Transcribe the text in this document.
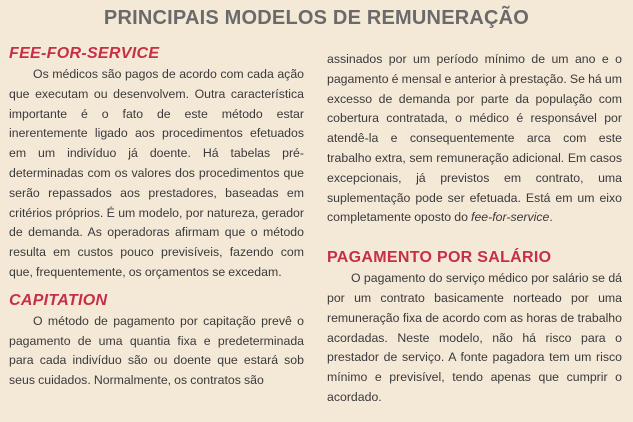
PRINCIPAIS MODELOS DE REMUNERAÇÃO
FEE-FOR-SERVICE

Os médicos são pagos de acordo com cada ação que executam ou desenvolvem. Outra característica importante é o fato de este método estar inerentemente ligado aos procedimentos efetuados em um indivíduo já doente. Há tabelas pré-determinadas com os valores dos procedimentos que serão repassados aos prestadores, baseadas em critérios próprios. É um modelo, por natureza, gerador de demanda. As operadoras afirmam que o método resulta em custos pouco previsíveis, fazendo com que, frequentemente, os orçamentos se excedam.

CAPITATION

O método de pagamento por capitação prevê o pagamento de uma quantia fixa e predeterminada para cada indivíduo são ou doente que estará sob seus cuidados. Normalmente, os contratos são

assinados por um período mínimo de um ano e o pagamento é mensal e anterior à prestação. Se há um excesso de demanda por parte da população com cobertura contratada, o médico é responsável por atendê-la e consequentemente arca com este trabalho extra, sem remuneração adicional. Em casos excepcionais, já previstos em contrato, uma suplementação pode ser efetuada. Está em um eixo completamente oposto do fee-for-service.

PAGAMENTO POR SALÁRIO

O pagamento do serviço médico por salário se dá por um contrato basicamente norteado por uma remuneração fixa de acordo com as horas de trabalho acordadas. Neste modelo, não há risco para o prestador de serviço. A fonte pagadora tem um risco mínimo e previsível, tendo apenas que cumprir o acordado.
